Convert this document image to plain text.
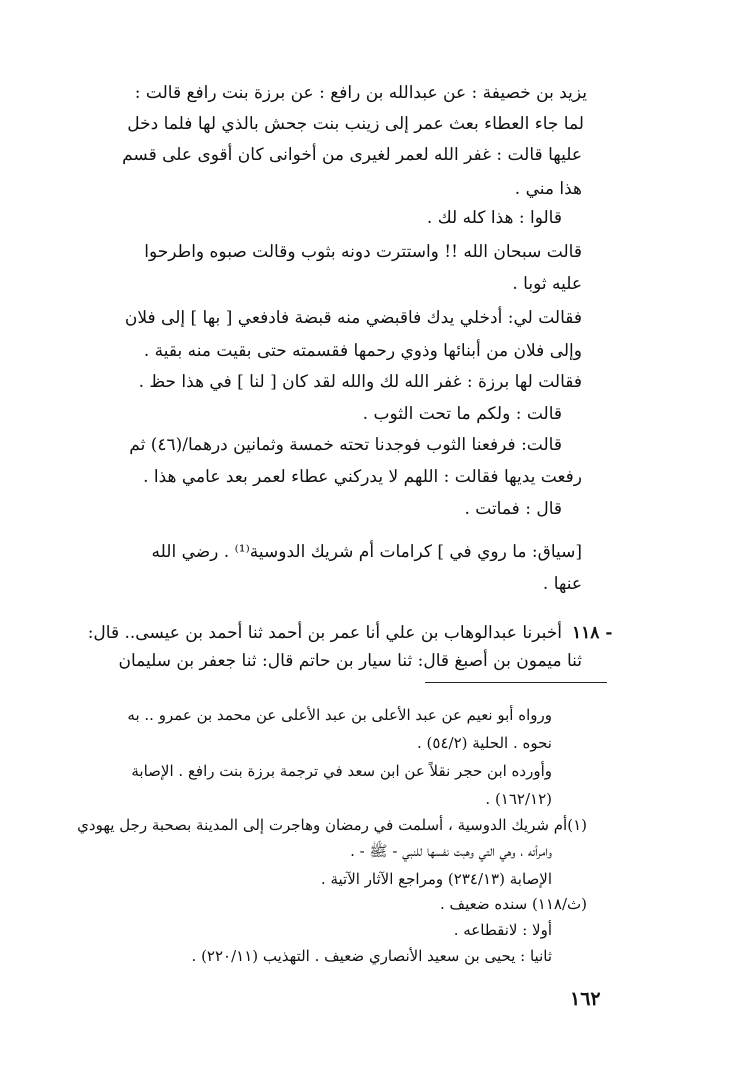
يزيد بن خصيفة : عن عبدالله بن رافع : عن برزة بنت رافع قالت :
لما جاء العطاء بعث عمر إلى زينب بنت جحش بالذي لها فلما دخل
عليها قالت : غفر الله لعمر لغيرى من أخوانى كان أقوى على قسم
هذا مني .
قالوا : هذا كله لك .
قالت سبحان الله !! واستترت دونه بثوب وقالت صبوه واطرحوا
عليه ثوبا .
فقالت لي: أدخلي يدك فاقبضي منه قبضة فادفعي [ بها ] إلى فلان
وإلى فلان من أبنائها وذوي رحمها فقسمته حتى بقيت منه بقية .
فقالت لها برزة : غفر الله لك والله لقد كان [ لنا ] في هذا حظ .
قالت : ولكم ما تحت الثوب .
قالت: فرفعنا الثوب فوجدنا تحته خمسة وثمانين درهما/(٤٦) ثم
رفعت يديها فقالت : اللهم لا يدركني عطاء لعمر بعد عامي هذا .
قال : فماتت .
[سياق: ما روي في ] كرامات أم شريك الدوسية⁽¹⁾ . رضي الله
عنها .
١١٨ -
أخبرنا عبدالوهاب بن علي أنا عمر بن أحمد ثنا أحمد بن عيسى.. قال:
ثنا ميمون بن أصبغ قال: ثنا سيار بن حاتم قال: ثنا جعفر بن سليمان
ورواه أبو نعيم عن عبد الأعلى بن عبد الأعلى عن محمد بن عمرو .. به
نحوه . الحلية (٥٤/٢) .
وأورده ابن حجر نقلاً عن ابن سعد في ترجمة برزة بنت رافع . الإصابة
(١٦٢/١٢) .
(١)أم شريك الدوسية ، أسلمت في رمضان وهاجرت إلى المدينة بصحبة رجل يهودي
وامرأته ، وهي التي وهبت نفسها للنبي - ﷺ - .
الإصابة (٢٣٤/١٣) ومراجع الآثار الآتية .
(ث/١١٨) سنده ضعيف .
أولا : لانقطاعه .
ثانيا : يحيى بن سعيد الأنصاري ضعيف . التهذيب (٢٢٠/١١) .
١٦٢
